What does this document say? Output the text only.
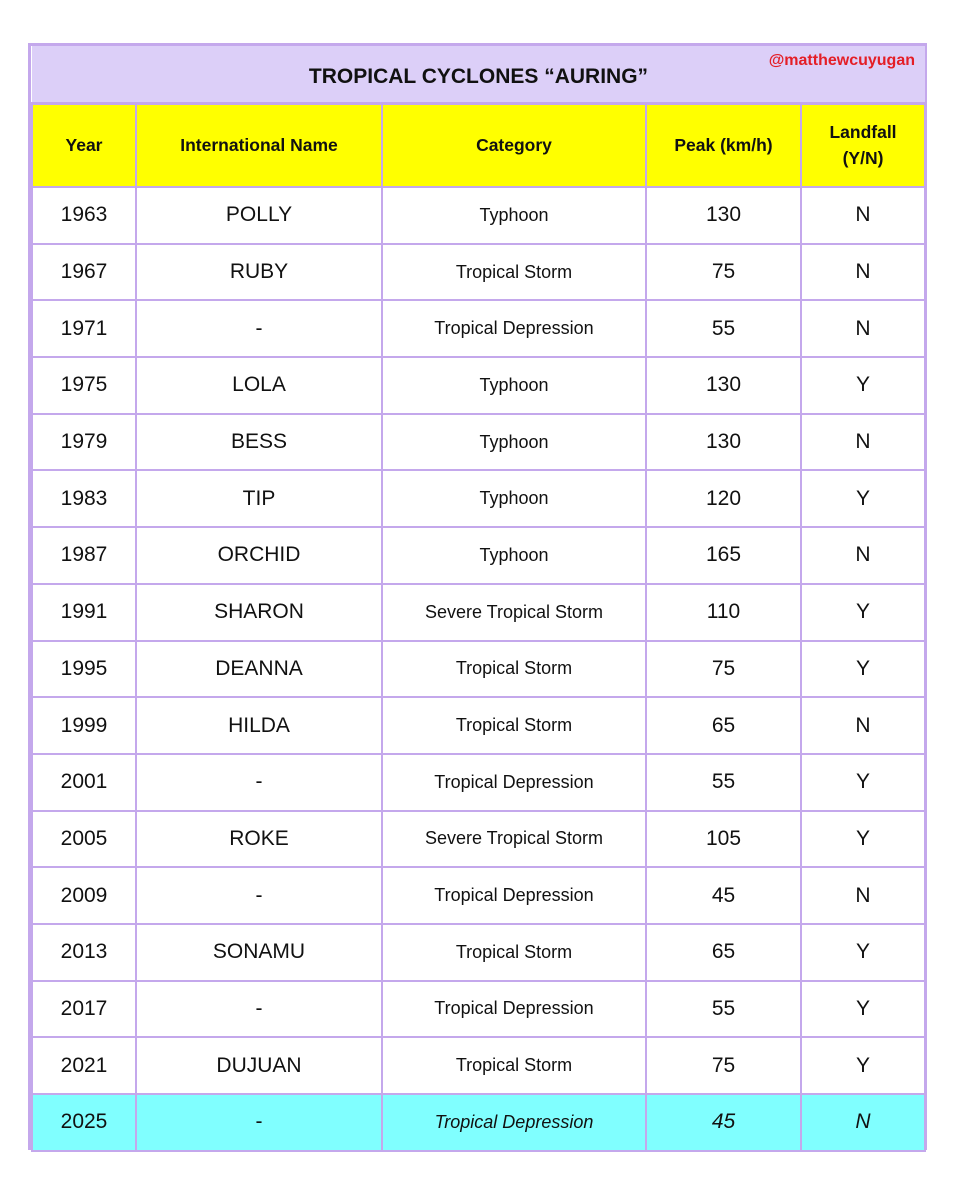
TROPICAL CYCLONES “AURING”
@matthewcuyugan				

Year	International Name	Category	Peak (km/h)	Landfall (Y/N)
1963	POLLY	Typhoon	130	N
1967	RUBY	Tropical Storm	75	N
1971	-	Tropical Depression	55	N
1975	LOLA	Typhoon	130	Y
1979	BESS	Typhoon	130	N
1983	TIP	Typhoon	120	Y
1987	ORCHID	Typhoon	165	N
1991	SHARON	Severe Tropical Storm	110	Y
1995	DEANNA	Tropical Storm	75	Y
1999	HILDA	Tropical Storm	65	N
2001	-	Tropical Depression	55	Y
2005	ROKE	Severe Tropical Storm	105	Y
2009	-	Tropical Depression	45	N
2013	SONAMU	Tropical Storm	65	Y
2017	-	Tropical Depression	55	Y
2021	DUJUAN	Tropical Storm	75	Y
2025	-	Tropical Depression	45	N
